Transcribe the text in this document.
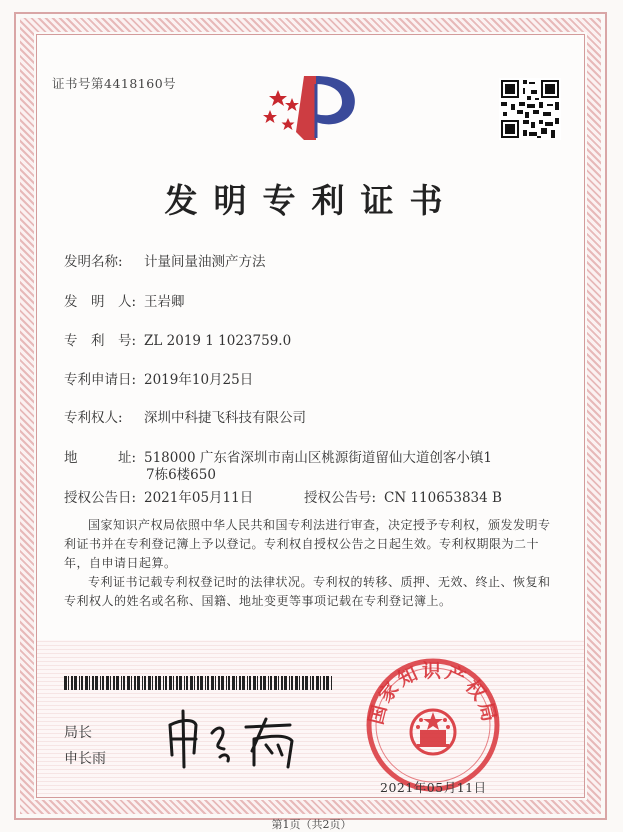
证书号第4418160号
发明专利证书
发明名称: 计量间量油测产方法
发　明　人: 王岩卿
专　利　号: ZL 2019 1 1023759.0
专利申请日: 2019年10月25日
专利权人: 深圳中科捷飞科技有限公司
地　　　址: 518000 广东省深圳市南山区桃源街道留仙大道创客小镇1
7栋6楼650
授权公告日: 2021年05月11日	授权公告号: CN 110653834 B
国家知识产权局依照中华人民共和国专利法进行审查，决定授予专利权，颁发发明专利证书并在专利登记簿上予以登记。专利权自授权公告之日起生效。专利权期限为二十年，自申请日起算。
专利证书记载专利权登记时的法律状况。专利权的转移、质押、无效、终止、恢复和专利权人的姓名或名称、国籍、地址变更等事项记载在专利登记簿上。
局长
申长雨
国家知识产权局
2021年05月11日
第1页（共2页）
